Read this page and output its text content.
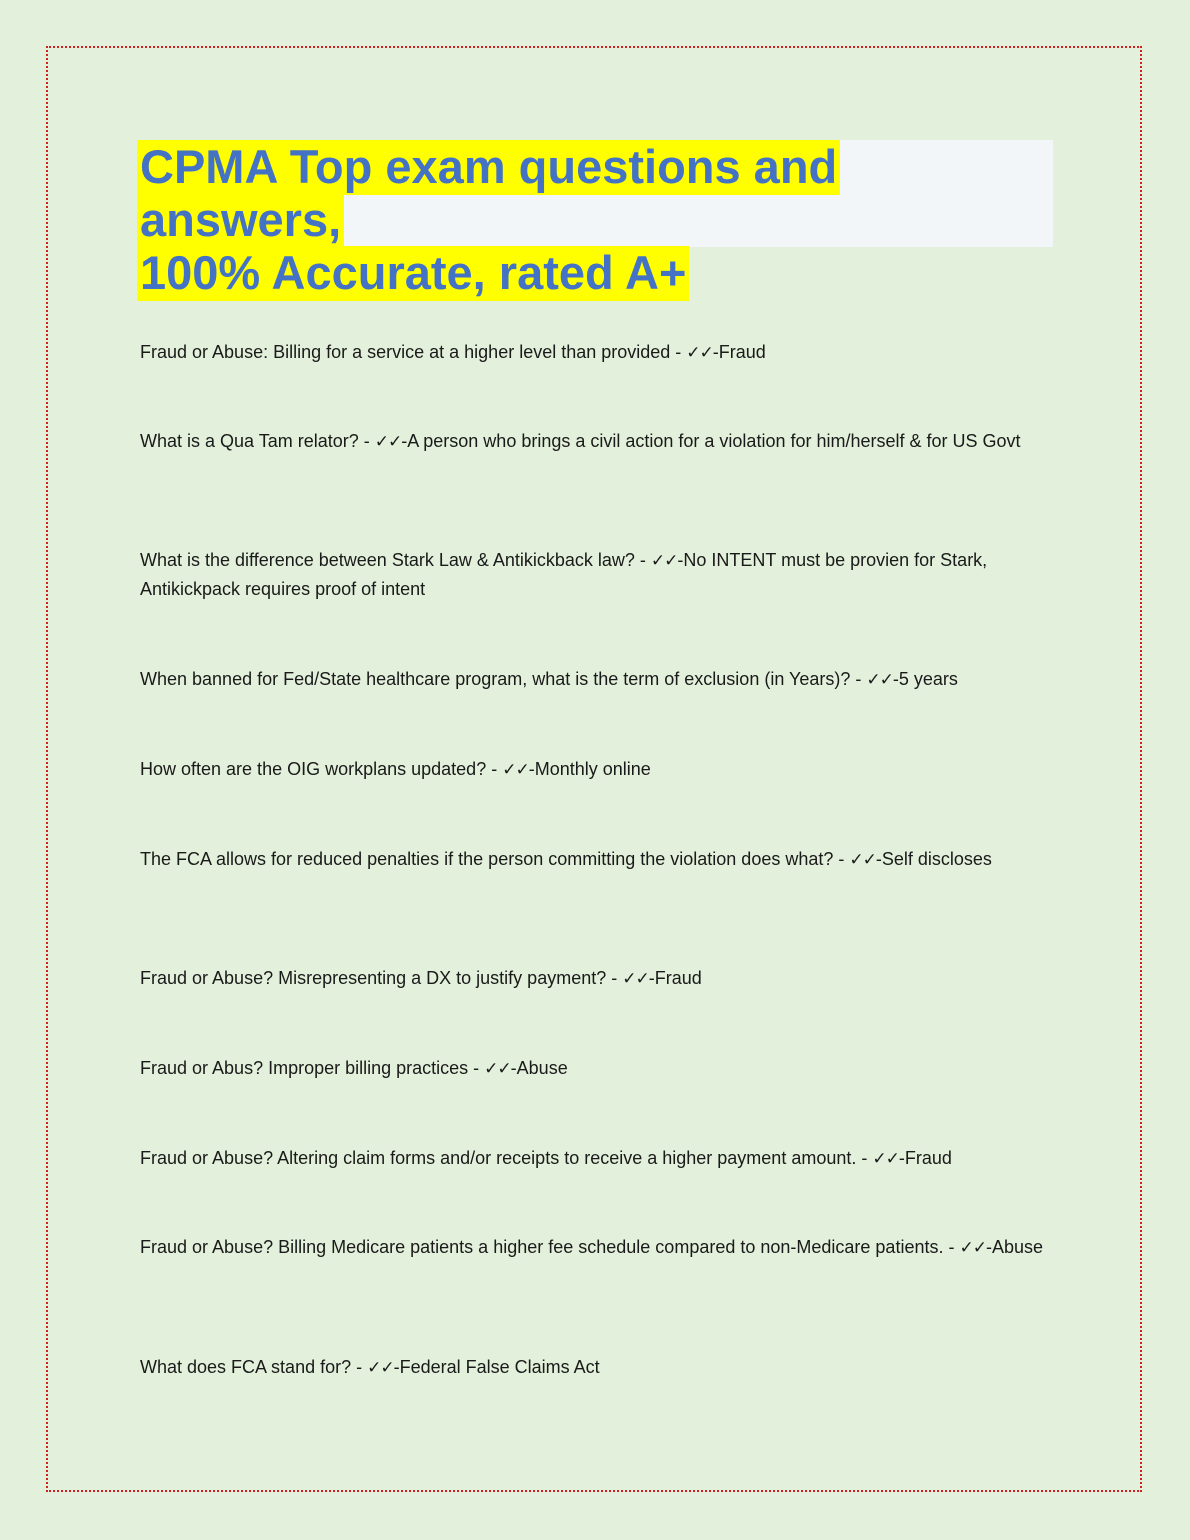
CPMA Top exam questions and answers,
100% Accurate, rated A+

Fraud or Abuse: Billing for a service at a higher level than provided - ✓✓-Fraud

What is a Qua Tam relator? - ✓✓-A person who brings a civil action for a violation for him/herself & for US Govt

What is the difference between Stark Law & Antikickback law? - ✓✓-No INTENT must be provien for Stark, Antikickpack requires proof of intent

When banned for Fed/State healthcare program, what is the term of exclusion (in Years)? - ✓✓-5 years

How often are the OIG workplans updated? - ✓✓-Monthly online

The FCA allows for reduced penalties if the person committing the violation does what? - ✓✓-Self discloses

Fraud or Abuse? Misrepresenting a DX to justify payment? - ✓✓-Fraud

Fraud or Abus? Improper billing practices - ✓✓-Abuse

Fraud or Abuse? Altering claim forms and/or receipts to receive a higher payment amount. - ✓✓-Fraud

Fraud or Abuse? Billing Medicare patients a higher fee schedule compared to non-Medicare patients. - ✓✓-Abuse

What does FCA stand for? - ✓✓-Federal False Claims Act
